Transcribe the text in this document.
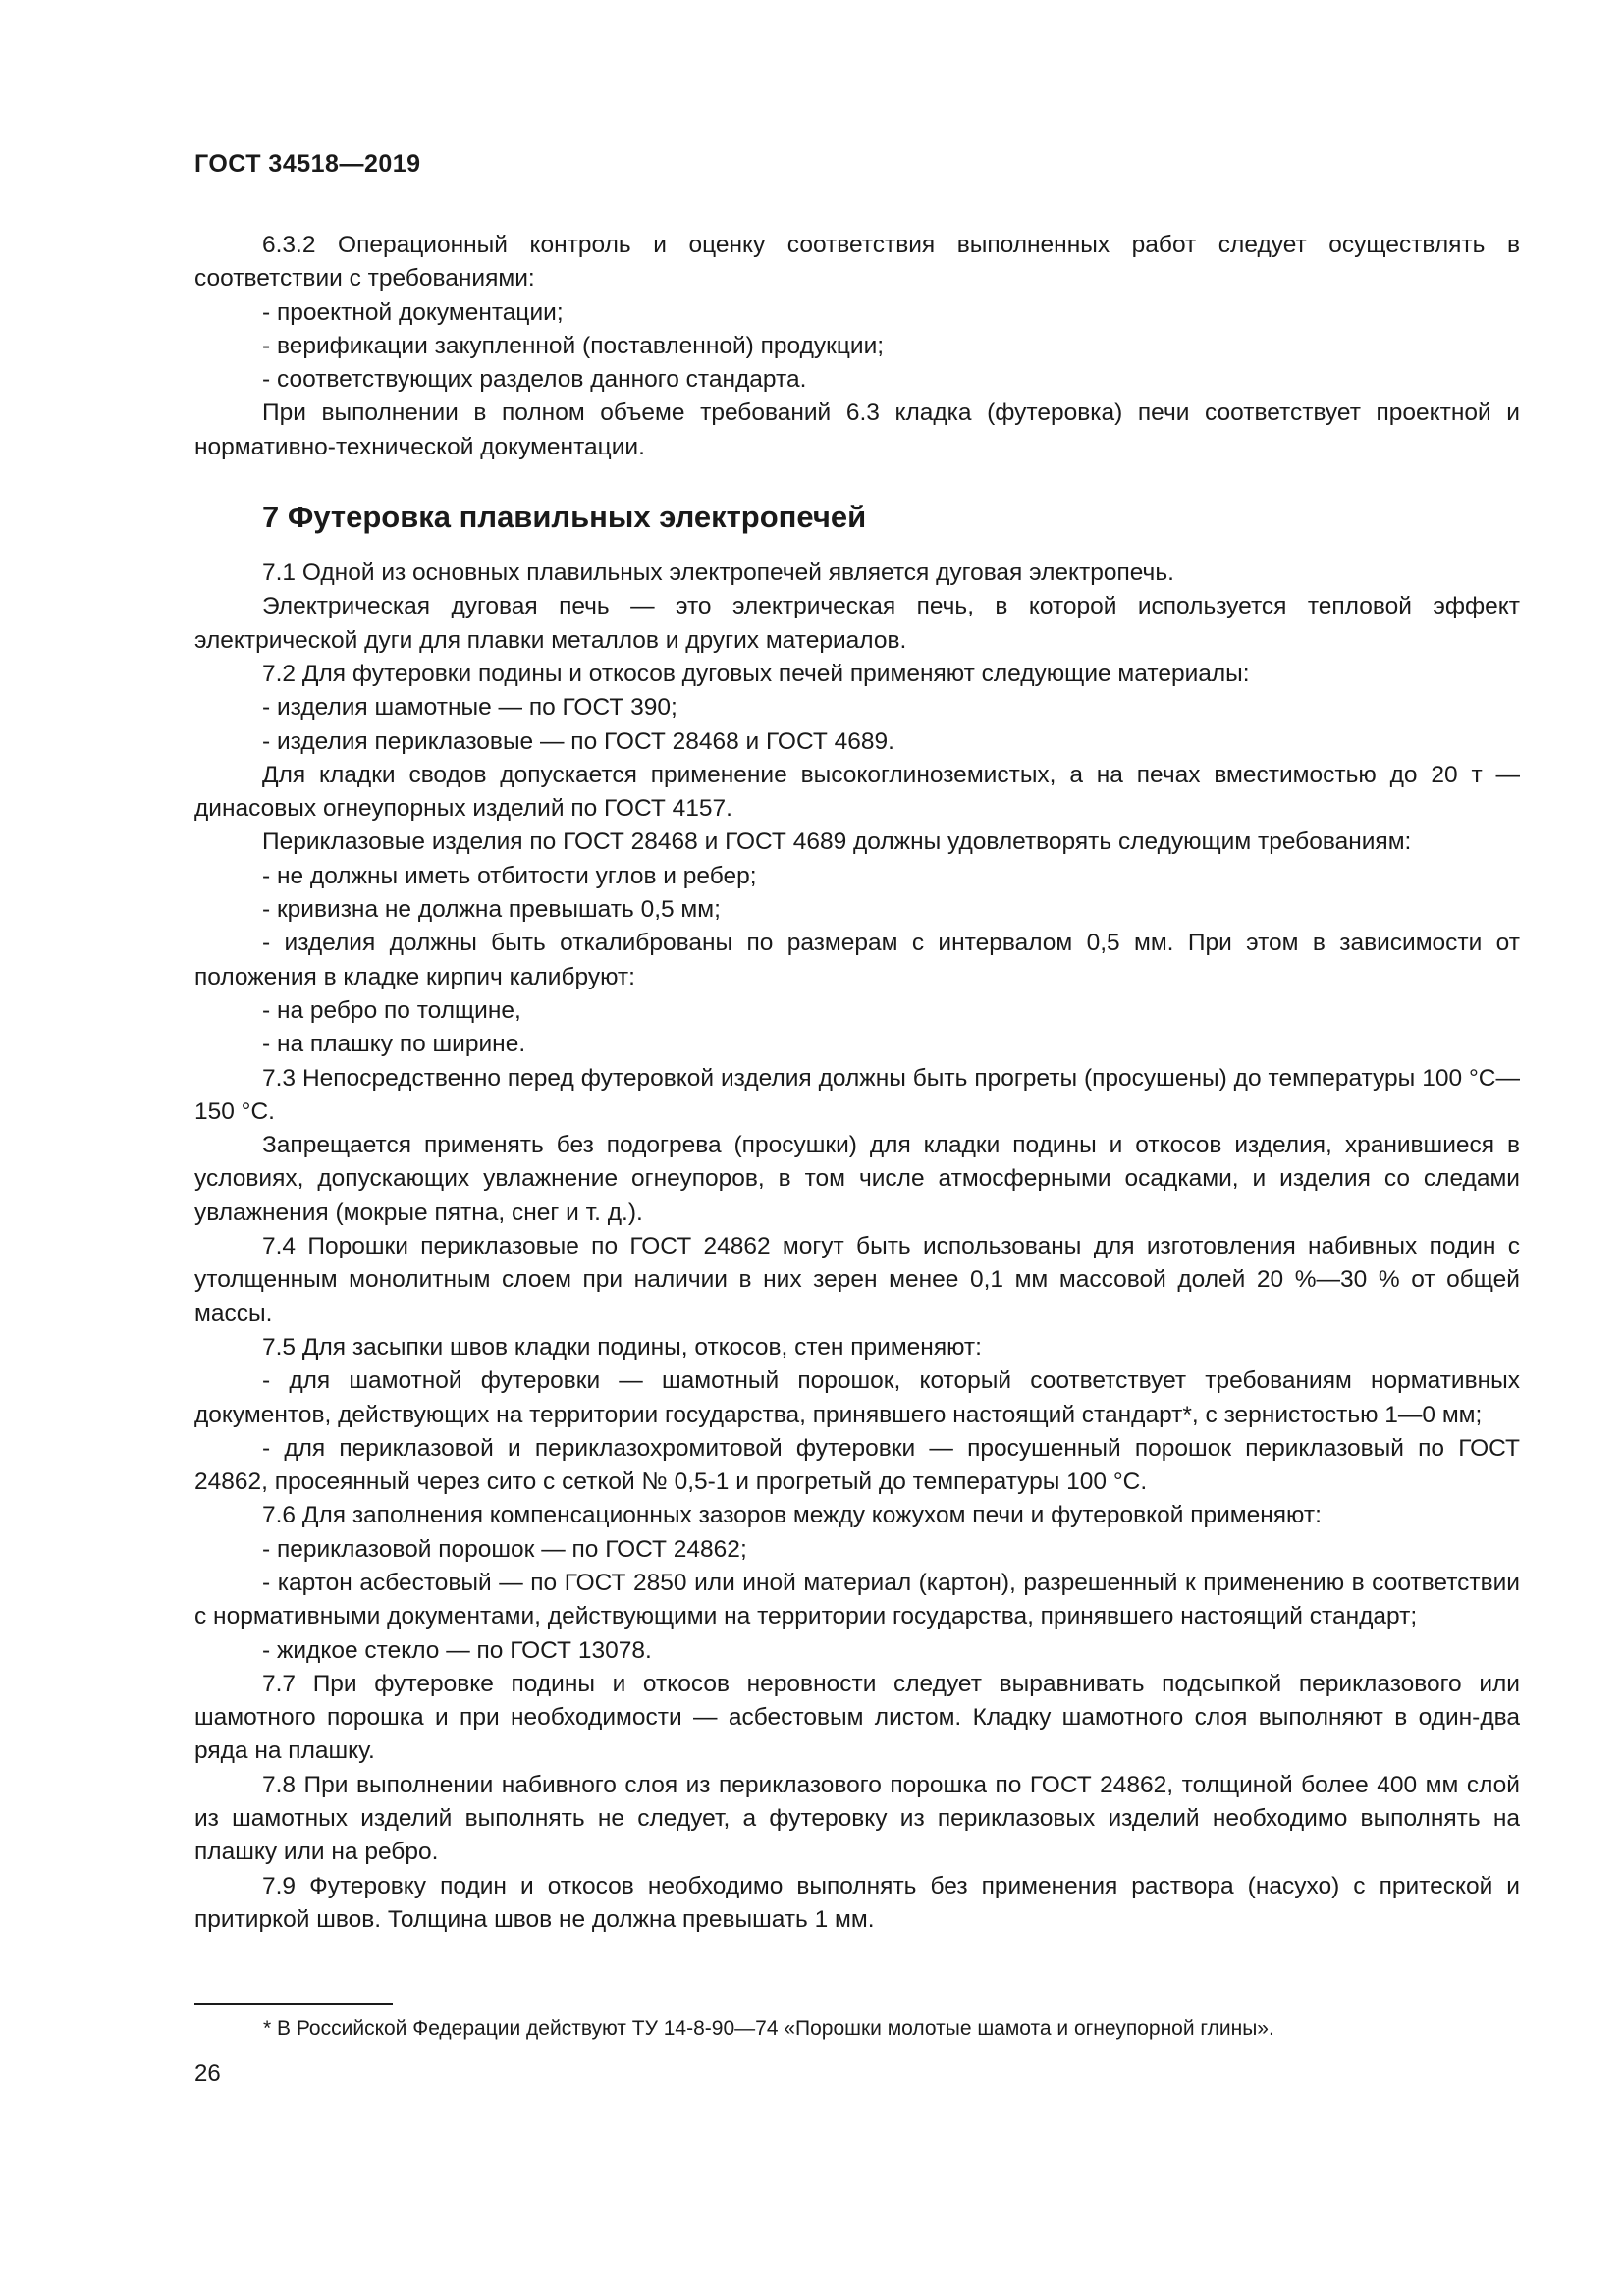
ГОСТ 34518—2019

6.3.2 Операционный контроль и оценку соответствия выполненных работ следует осуществлять в соответствии с требованиями:

- проектной документации;

- верификации закупленной (поставленной) продукции;

- соответствующих разделов данного стандарта.

При выполнении в полном объеме требований 6.3 кладка (футеровка) печи соответствует проектной и нормативно-технической документации.

7 Футеровка плавильных электропечей

7.1 Одной из основных плавильных электропечей является дуговая электропечь.

Электрическая дуговая печь — это электрическая печь, в которой используется тепловой эффект электрической дуги для плавки металлов и других материалов.

7.2 Для футеровки подины и откосов дуговых печей применяют следующие материалы:

- изделия шамотные — по ГОСТ 390;

- изделия периклазовые — по ГОСТ 28468 и ГОСТ 4689.

Для кладки сводов допускается применение высокоглиноземистых, а на печах вместимостью до 20 т — динасовых огнеупорных изделий по ГОСТ 4157.

Периклазовые изделия по ГОСТ 28468 и ГОСТ 4689 должны удовлетворять следующим требованиям:

- не должны иметь отбитости углов и ребер;

- кривизна не должна превышать 0,5 мм;

- изделия должны быть откалиброваны по размерам с интервалом 0,5 мм. При этом в зависимости от положения в кладке кирпич калибруют:

- на ребро по толщине,

- на плашку по ширине.

7.3 Непосредственно перед футеровкой изделия должны быть прогреты (просушены) до температуры 100 °С—150 °С.

Запрещается применять без подогрева (просушки) для кладки подины и откосов изделия, хранившиеся в условиях, допускающих увлажнение огнеупоров, в том числе атмосферными осадками, и изделия со следами увлажнения (мокрые пятна, снег и т. д.).

7.4 Порошки периклазовые по ГОСТ 24862 могут быть использованы для изготовления набивных подин с утолщенным монолитным слоем при наличии в них зерен менее 0,1 мм массовой долей 20 %—30 % от общей массы.

7.5 Для засыпки швов кладки подины, откосов, стен применяют:

- для шамотной футеровки — шамотный порошок, который соответствует требованиям нормативных документов, действующих на территории государства, принявшего настоящий стандарт*, с зернистостью 1—0 мм;

- для периклазовой и периклазохромитовой футеровки — просушенный порошок периклазовый по ГОСТ 24862, просеянный через сито с сеткой № 0,5-1 и прогретый до температуры 100 °С.

7.6 Для заполнения компенсационных зазоров между кожухом печи и футеровкой применяют:

- периклазовой порошок — по ГОСТ 24862;

- картон асбестовый — по ГОСТ 2850 или иной материал (картон), разрешенный к применению в соответствии с нормативными документами, действующими на территории государства, принявшего настоящий стандарт;

- жидкое стекло — по ГОСТ 13078.

7.7 При футеровке подины и откосов неровности следует выравнивать подсыпкой периклазового или шамотного порошка и при необходимости — асбестовым листом. Кладку шамотного слоя выполняют в один-два ряда на плашку.

7.8 При выполнении набивного слоя из периклазового порошка по ГОСТ 24862, толщиной более 400 мм слой из шамотных изделий выполнять не следует, а футеровку из периклазовых изделий необходимо выполнять на плашку или на ребро.

7.9 Футеровку подин и откосов необходимо выполнять без применения раствора (насухо) с притеской и притиркой швов. Толщина швов не должна превышать 1 мм.

* В Российской Федерации действуют ТУ 14-8-90—74 «Порошки молотые шамота и огнеупорной глины».
26
